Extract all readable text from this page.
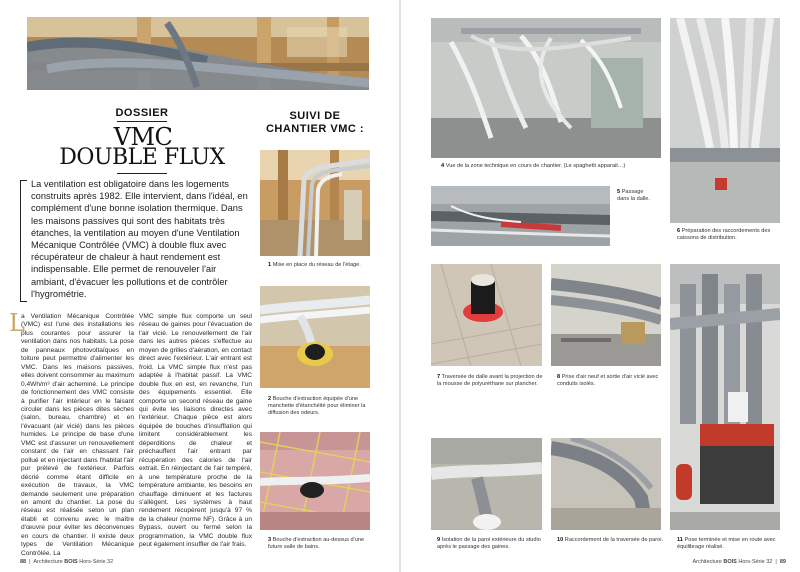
DOSSIER
VMC
DOUBLE FLUX
SUIVI DE
CHANTIER VMC :
La ventilation est obligatoire dans les logements construits après 1982. Elle intervient, dans l'idéal, en complément d'une bonne isolation thermique. Dans les maisons passives qui sont des habitats très étanches, la ventilation au moyen d'une Ventilation Mécanique Contrôlée (VMC) à double flux avec récupérateur de chaleur à haut rendement est indispensable. Elle permet de renouveler l'air ambiant, d'évacuer les pollutions et de contrôler l'hygrométrie.
L
a Ventilation Mécanique Contrôlée (VMC) est l'une des installations les plus courantes pour assurer la ventilation dans nos habitats. La pose de panneaux photovoltaïques en toiture peut permettre d'alimenter les VMC. Dans les maisons passives, elles doivent consommer au maximum 0,4Wh/m³ d'air acheminé. Le principe de fonctionnement des VMC consiste à purifier l'air intérieur en le faisant circuler dans les pièces dites sèches (salon, bureau, chambre) et en l'évacuant (air vicié) dans les pièces humides. Le principe de base d'une VMC est d'assurer un renouvellement constant de l'air en chassant l'air pollué et en injectant dans l'habitat l'air pur prélevé de l'extérieur. Parfois décrié comme étant difficile en exécution de travaux, la VMC demande seulement une préparation en amont du chantier. La pose du réseau est réalisée selon un plan établi et convenu avec le maître d'œuvre pour éviter les déconvenues en cours de chantier. Il existe deux types de Ventilation Mécanique Contrôlée. La
VMC simple flux comporte un seul réseau de gaines pour l'évacuation de l'air vicié. Le renouvellement de l'air dans les autres pièces s'effectue au moyen de grilles d'aération, en contact direct avec l'extérieur. L'air entrant est froid. La VMC simple flux n'est pas adaptée à l'habitat passif. La VMC double flux en est, en revanche, l'un des équipements essentiel. Elle comporte un second réseau de gaine qui évite les liaisons directes avec l'extérieur. Chaque pièce est alors équipée de bouches d'insufflation qui limitent considérablement les déperditions de chaleur et préchauffent l'air entrant par récupération des calories de l'air extrait. En réinjectant de l'air tempéré, à une température proche de la température ambiante, les besoins en chauffage diminuent et les factures s'allègent. Les systèmes à haut rendement récupèrent jusqu'à 97 % de la chaleur (norme NF). Grâce à un Bypass, ouvert ou fermé selon la programmation, la VMC double flux peut également insuffler de l'air frais.
1 Mise en place du réseau de l'étage.
2 Bouche d'extraction équipée d'une manchette d'étanchéité pour éliminer la diffusion des odeurs.
3 Bouche d'extraction au-dessus d'une future salle de bains.
88  |  Architecture BOIS Hors-Série 32
4 Vue de la zone technique en cours de chantier. (Le spaghetti apparait…)
5 Passage dans la dalle.
6 Préparation des raccordements des caissons de distribution.
7 Traversée de dalle avant la projection de la mousse de polyuréthane sur plancher.
8 Prise d'air neuf et sortie d'air vicié avec conduits isolés.
9 Isolation de la paroi extérieure du studio après le passage des gaines.
10 Raccordement de la traversée de paroi.	11 Pose terminée et mise en route avec équilibrage réalisé.
Architecture BOIS Hors-Série 32  |  89
